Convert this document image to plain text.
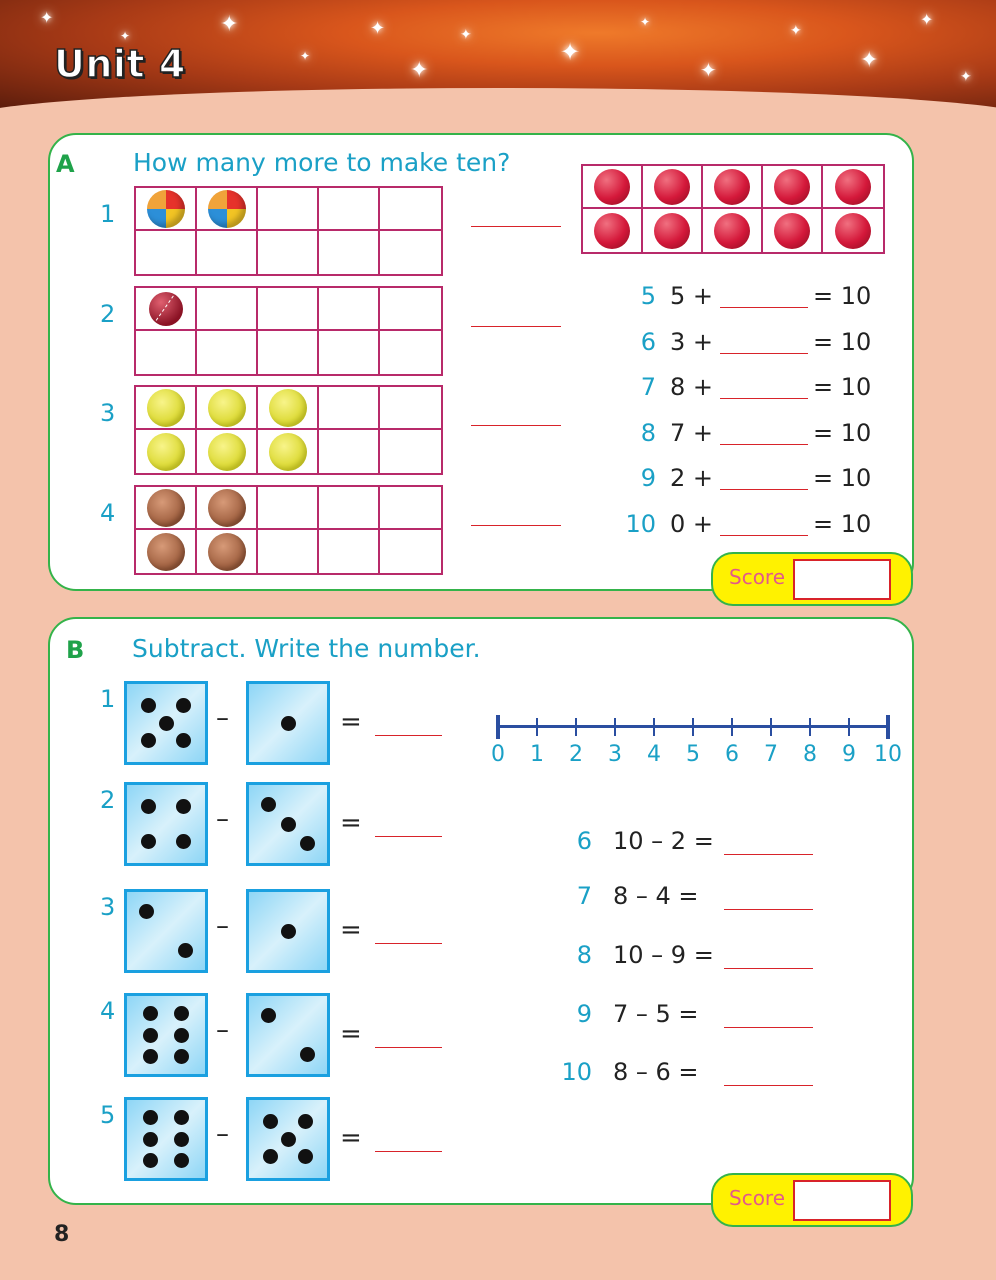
✦
✦	✦
✦
✦
✦
✦
✦
✦
✦
✦
✦
✦
✦
Unit 4
A How many more to make ten?
1
2
3
4
5 5 +	= 10
6 3 +	= 10
7 8 +	= 10
8 7 +	= 10
9 2 +	= 10
10 0 +	= 10
Score
B Subtract. Write the number.
1
–	=
2
–	=
3
–	=
4
–	=
5
–	=
0	1	2	3	4	5	6	7	8	9 10
6 10 – 2 =
7 8 – 4 =
8 10 – 9 =
9 7 – 5 =
10 8 – 6 =
Score
8
